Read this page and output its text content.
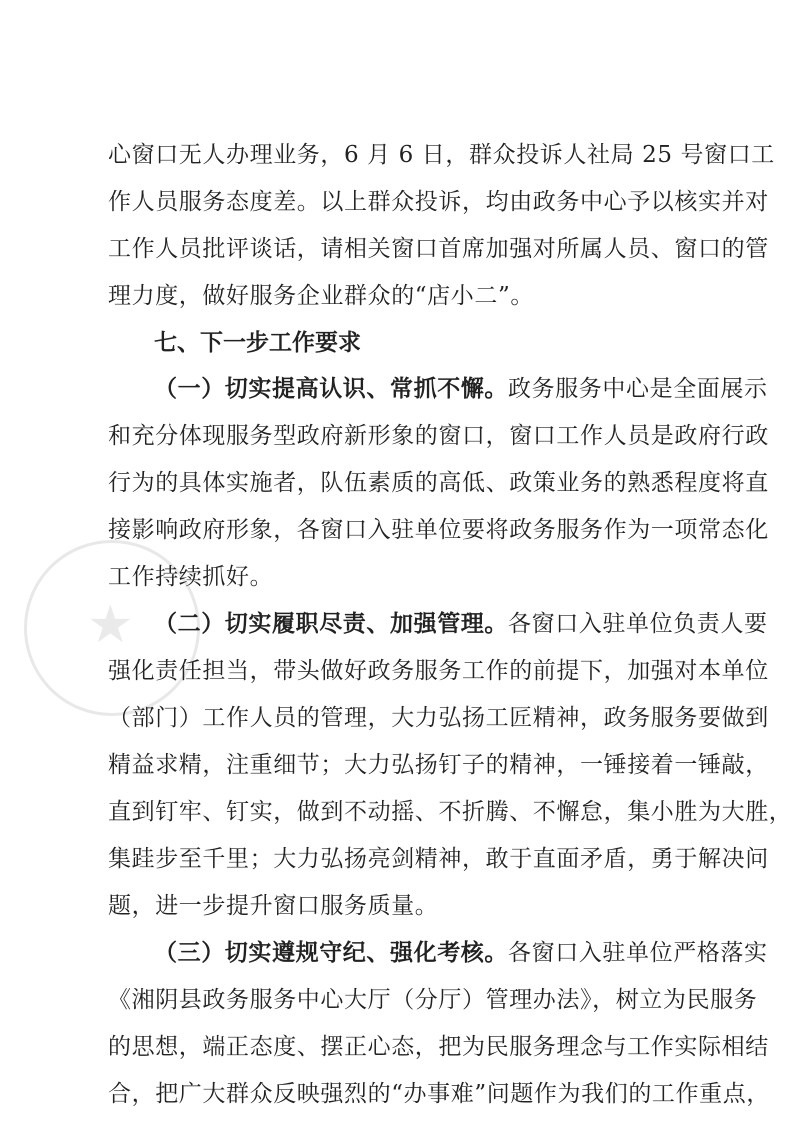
★
心窗口无人办理业务，6 月 6 日，群众投诉人社局 25 号窗口工
作人员服务态度差。以上群众投诉，均由政务中心予以核实并对
工作人员批评谈话，请相关窗口首席加强对所属人员、窗口的管
理力度，做好服务企业群众的“店小二”。
七、下一步工作要求
（一）切实提高认识、常抓不懈。政务服务中心是全面展示
和充分体现服务型政府新形象的窗口，窗口工作人员是政府行政
行为的具体实施者，队伍素质的高低、政策业务的熟悉程度将直
接影响政府形象，各窗口入驻单位要将政务服务作为一项常态化
工作持续抓好。
（二）切实履职尽责、加强管理。各窗口入驻单位负责人要
强化责任担当，带头做好政务服务工作的前提下，加强对本单位
（部门）工作人员的管理，大力弘扬工匠精神，政务服务要做到
精益求精，注重细节；大力弘扬钉子的精神，一锤接着一锤敲，
直到钉牢、钉实，做到不动摇、不折腾、不懈怠，集小胜为大胜，
集跬步至千里；大力弘扬亮剑精神，敢于直面矛盾，勇于解决问
题，进一步提升窗口服务质量。
（三）切实遵规守纪、强化考核。各窗口入驻单位严格落实
《湘阴县政务服务中心大厅（分厅）管理办法》，树立为民服务
的思想，端正态度、摆正心态，把为民服务理念与工作实际相结
合，把广大群众反映强烈的“办事难”问题作为我们的工作重点，
